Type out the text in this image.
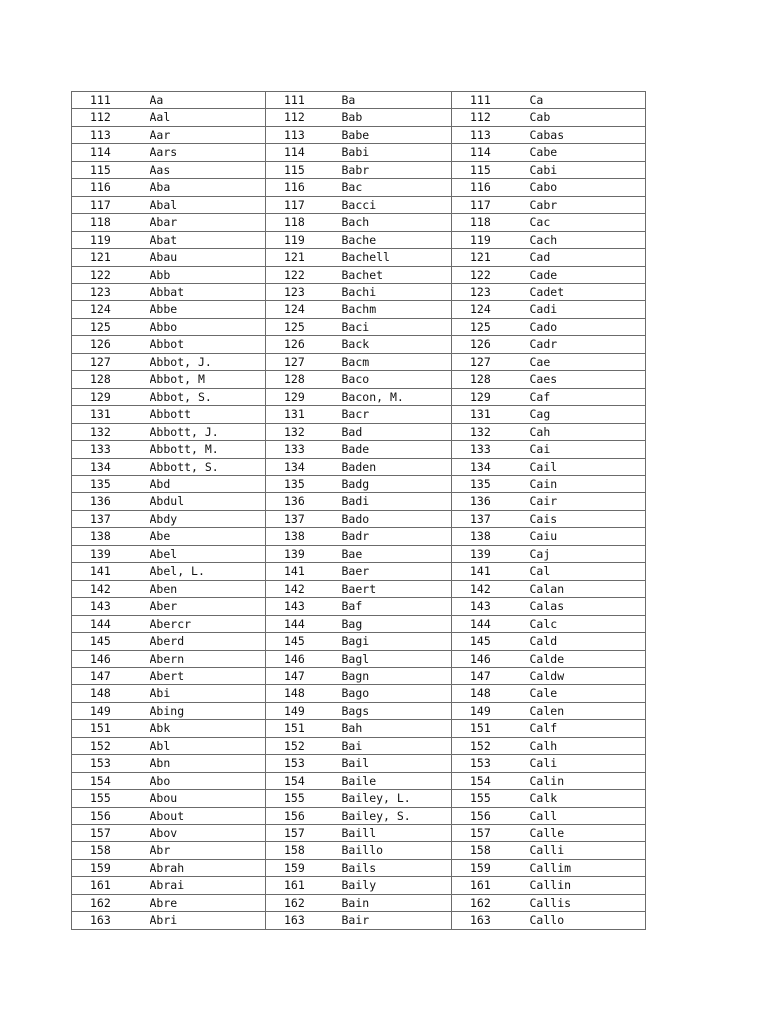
111	Aa	111	Ba	111	Ca
112	Aal	112	Bab	112	Cab
113	Aar	113	Babe	113	Cabas
114	Aars	114	Babi	114	Cabe
115	Aas	115	Babr	115	Cabi
116	Aba	116	Bac	116	Cabo
117	Abal	117	Bacci	117	Cabr
118	Abar	118	Bach	118	Cac
119	Abat	119	Bache	119	Cach
121	Abau	121	Bachell	121	Cad
122	Abb	122	Bachet	122	Cade
123	Abbat	123	Bachi	123	Cadet
124	Abbe	124	Bachm	124	Cadi
125	Abbo	125	Baci	125	Cado
126	Abbot	126	Back	126	Cadr
127	Abbot, J.	127	Bacm	127	Cae
128	Abbot, M	128	Baco	128	Caes
129	Abbot, S.	129	Bacon, M.	129	Caf
131	Abbott	131	Bacr	131	Cag
132	Abbott, J.	132	Bad	132	Cah
133	Abbott, M.	133	Bade	133	Cai
134	Abbott, S.	134	Baden	134	Cail
135	Abd	135	Badg	135	Cain
136	Abdul	136	Badi	136	Cair
137	Abdy	137	Bado	137	Cais
138	Abe	138	Badr	138	Caiu
139	Abel	139	Bae	139	Caj
141	Abel, L.	141	Baer	141	Cal
142	Aben	142	Baert	142	Calan
143	Aber	143	Baf	143	Calas
144	Abercr	144	Bag	144	Calc
145	Aberd	145	Bagi	145	Cald
146	Abern	146	Bagl	146	Calde
147	Abert	147	Bagn	147	Caldw
148	Abi	148	Bago	148	Cale
149	Abing	149	Bags	149	Calen
151	Abk	151	Bah	151	Calf
152	Abl	152	Bai	152	Calh
153	Abn	153	Bail	153	Cali
154	Abo	154	Baile	154	Calin
155	Abou	155	Bailey, L.	155	Calk
156	About	156	Bailey, S.	156	Call
157	Abov	157	Baill	157	Calle
158	Abr	158	Baillo	158	Calli
159	Abrah	159	Bails	159	Callim
161	Abrai	161	Baily	161	Callin
162	Abre	162	Bain	162	Callis
163	Abri	163	Bair	163	Callo
